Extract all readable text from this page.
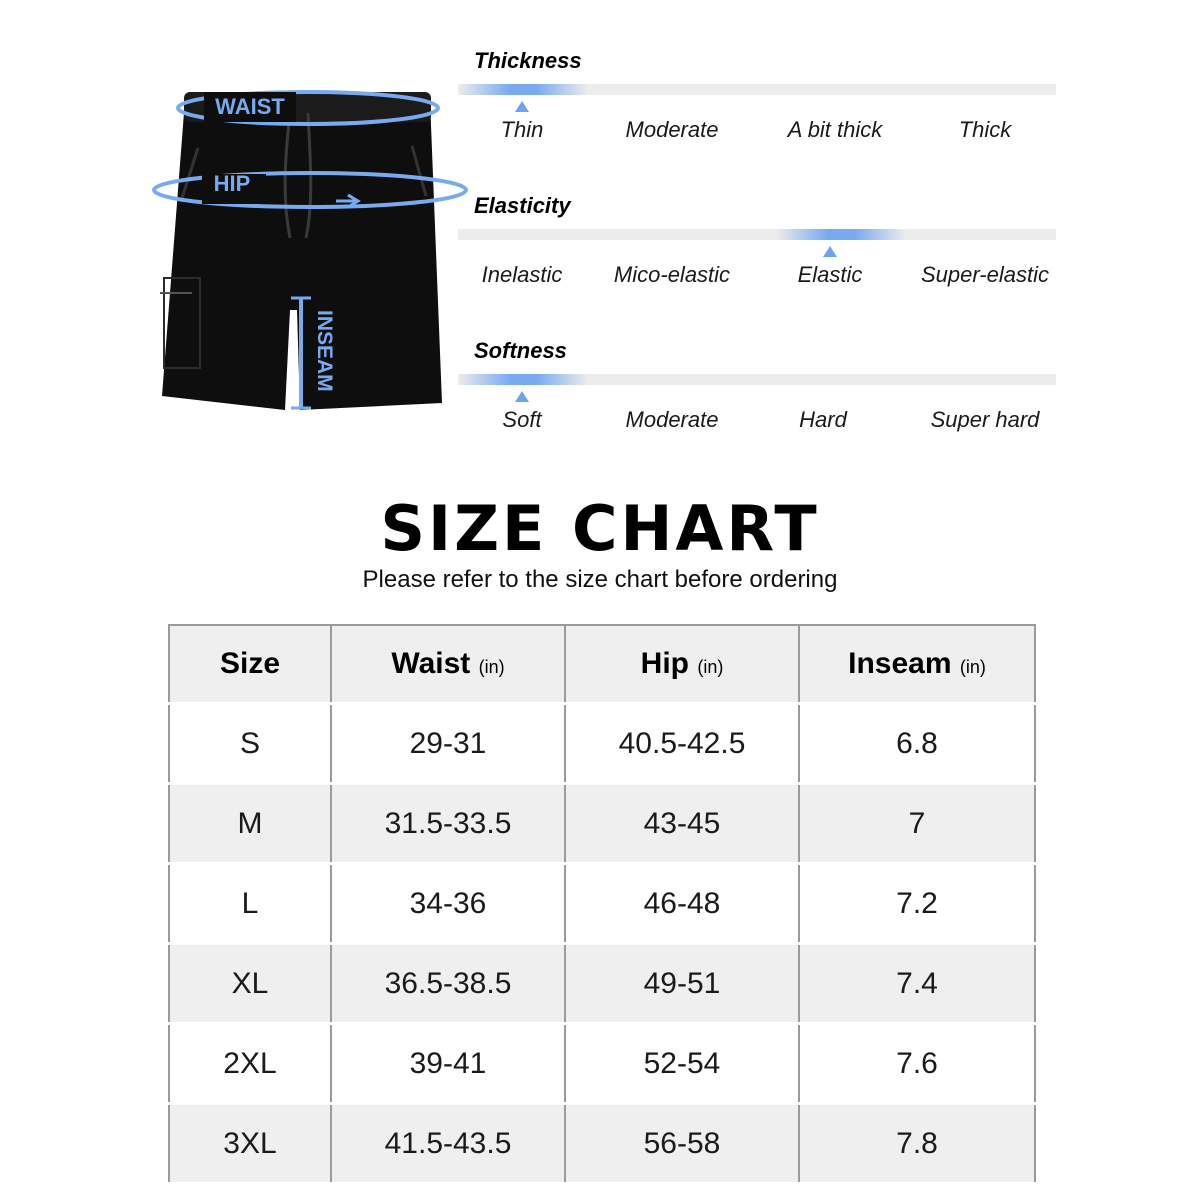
WAIST
HIP
INSEAM
Thickness
Thin	Moderate	A bit thick	Thick
Elasticity
Inelastic	Mico-elastic	Elastic	Super-elastic
Softness
Soft	Moderate	Hard	Super hard
SIZE CHART
Please refer to the size chart before ordering
Size	Waist (in)	Hip (in)	Inseam (in)
S	29-31	40.5-42.5	6.8
M	31.5-33.5	43-45	7
L	34-36	46-48	7.2
XL	36.5-38.5	49-51	7.4
2XL	39-41	52-54	7.6
3XL	41.5-43.5	56-58	7.8
